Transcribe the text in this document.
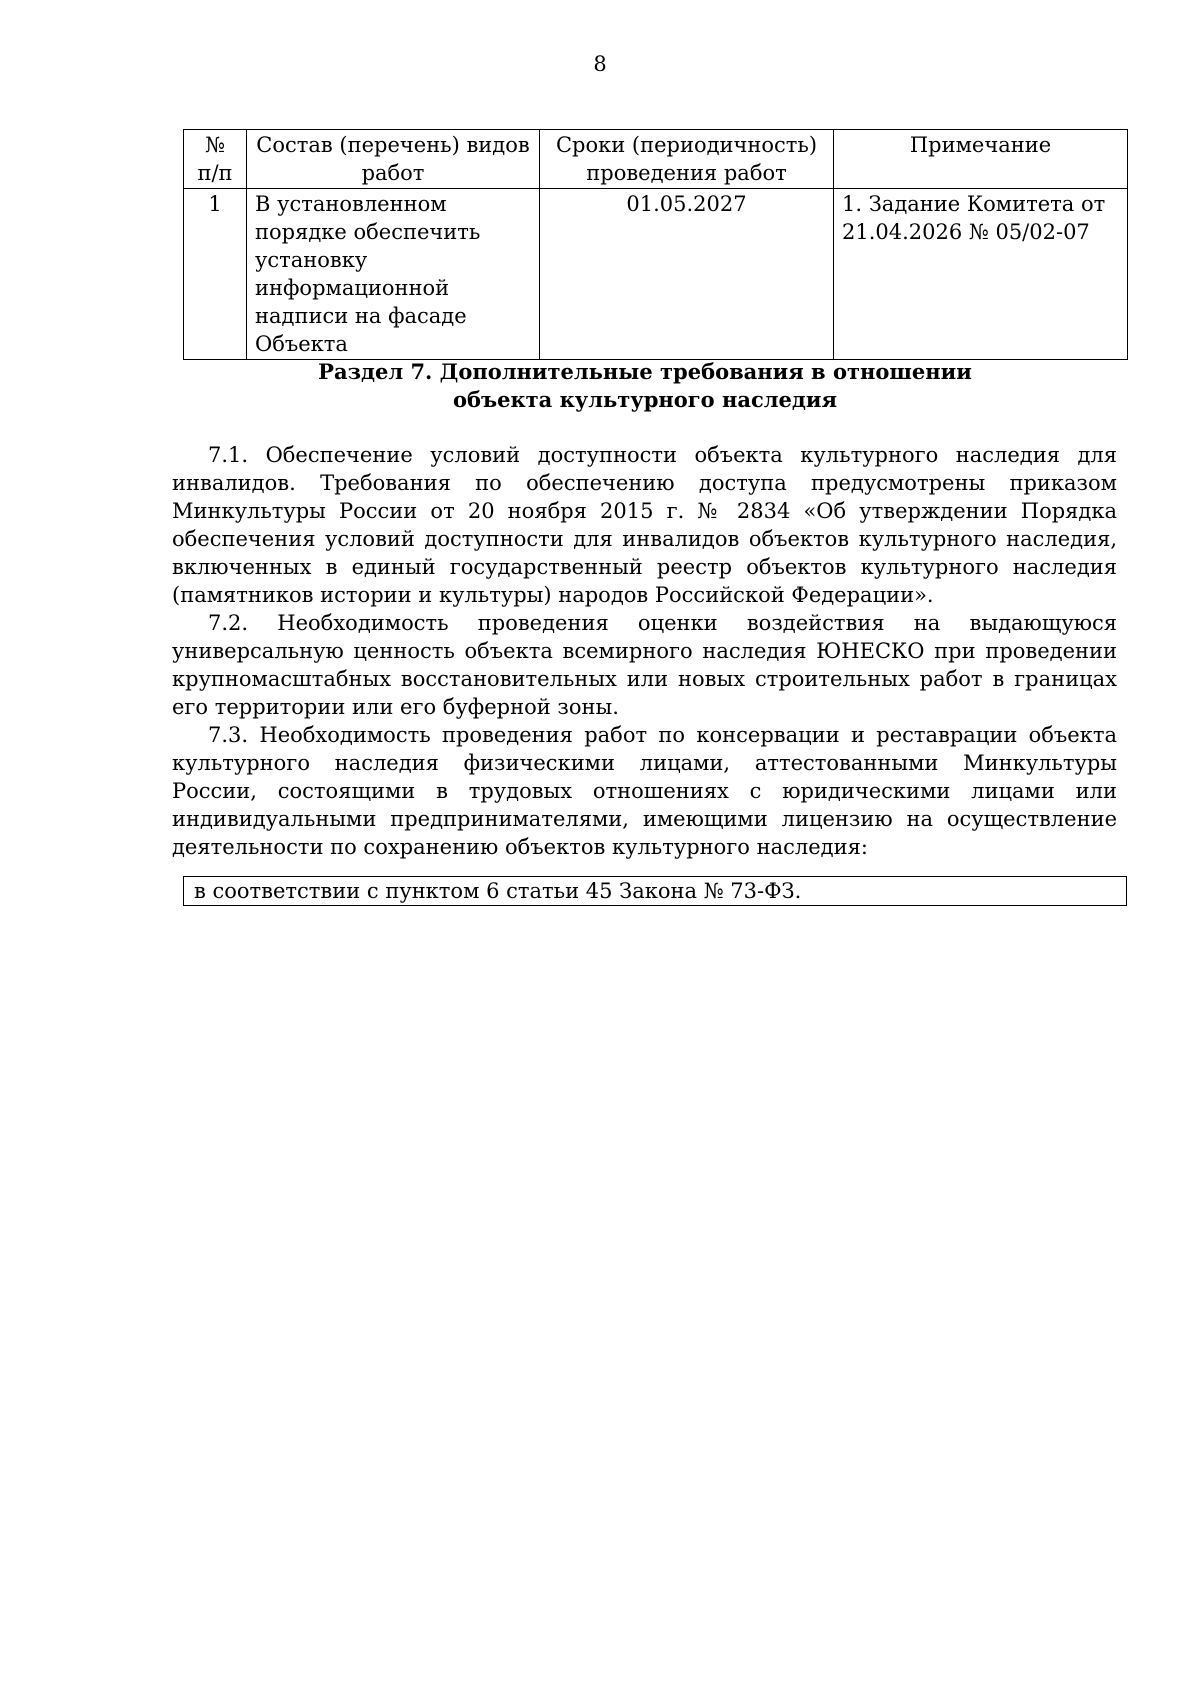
8
№ п/п	Состав (перечень) видов работ	Сроки (периодичность) проведения работ	Примечание
1	В установленном порядке обеспечить установку информационной надписи на фасаде Объекта	01.05.2027	1. Задание Комитета от 21.04.2026 № 05/02-07
Раздел 7. Дополнительные требования в отношении
объекта культурного наследия

7.1. Обеспечение условий доступности объекта культурного наследия для инвалидов. Требования по обеспечению доступа предусмотрены приказом Минкультуры России от 20 ноября 2015 г. № 2834 «Об утверждении Порядка обеспечения условий доступности для инвалидов объектов культурного наследия, включенных в единый государственный реестр объектов культурного наследия (памятников истории и культуры) народов Российской Федерации».

7.2. Необходимость проведения оценки воздействия на выдающуюся универсальную ценность объекта всемирного наследия ЮНЕСКО при проведении крупномасштабных восстановительных или новых строительных работ в границах его территории или его буферной зоны.

7.3. Необходимость проведения работ по консервации и реставрации объекта культурного наследия физическими лицами, аттестованными Минкультуры России, состоящими в трудовых отношениях с юридическими лицами или индивидуальными предпринимателями, имеющими лицензию на осуществление деятельности по сохранению объектов культурного наследия:

в соответствии с пунктом 6 статьи 45 Закона № 73-ФЗ.
